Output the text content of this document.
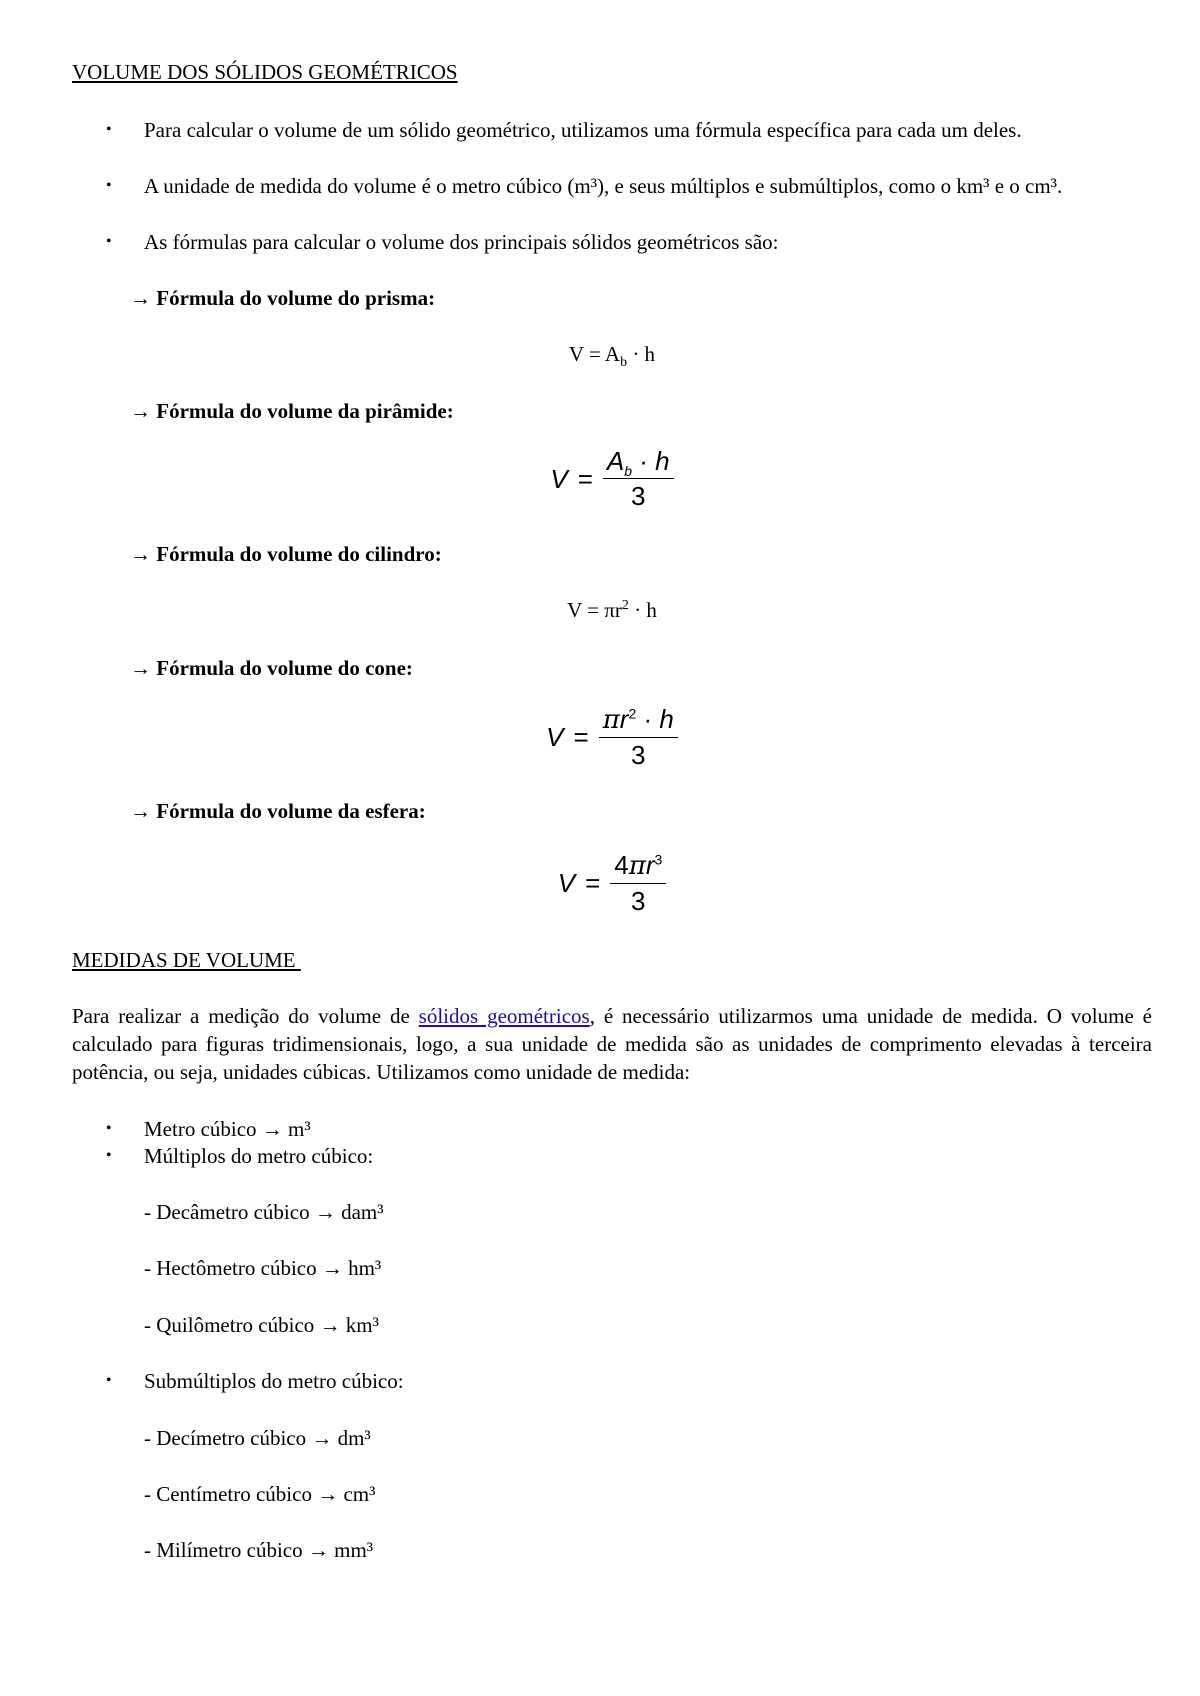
VOLUME DOS SÓLIDOS GEOMÉTRICOS
• Para calcular o volume de um sólido geométrico, utilizamos uma fórmula específica para cada um deles.
• A unidade de medida do volume é o metro cúbico (m³), e seus múltiplos e submúltiplos, como o km³ e o cm³.
• As fórmulas para calcular o volume dos principais sólidos geométricos são:
→ Fórmula do volume do prisma:
$V = A_b \cdot h$
→ Fórmula do volume da pirâmide:
$V = \frac{A_b \cdot h}{3}$
→ Fórmula do volume do cilindro:
$V = \pi r^2 \cdot h$
→ Fórmula do volume do cone:
$V = \frac{\pi r^2 \cdot h}{3}$
→ Fórmula do volume da esfera:
$V = \frac{4\pi r^3}{3}$
MEDIDAS DE VOLUME
Para realizar a medição do volume de sólidos geométricos, é necessário utilizarmos uma unidade de medida. O volume é calculado para figuras tridimensionais, logo, a sua unidade de medida são as unidades de comprimento elevadas à terceira potência, ou seja, unidades cúbicas. Utilizamos como unidade de medida:
• Metro cúbico → m³
• Múltiplos do metro cúbico:
- Decâmetro cúbico → dam³
- Hectômetro cúbico → hm³
- Quilômetro cúbico → km³
• Submúltiplos do metro cúbico:
- Decímetro cúbico → dm³
- Centímetro cúbico → cm³
- Milímetro cúbico → mm³
